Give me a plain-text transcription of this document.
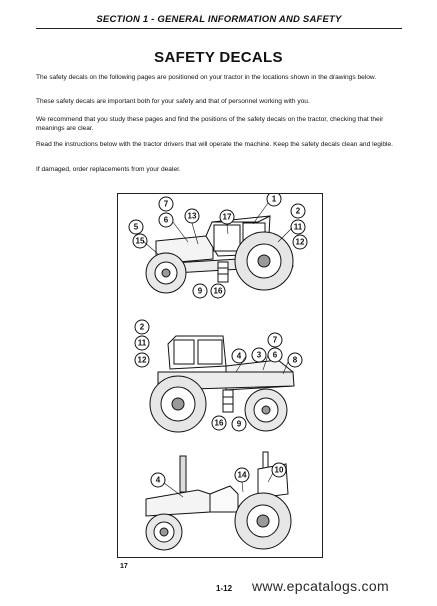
SECTION 1 - GENERAL INFORMATION AND SAFETY
SAFETY DECALS

The safety decals on the following pages are positioned on your tractor in the locations shown in the drawings below.

These safety decals are important both for your safety and that of personnel working with you.

We recommend that you study these pages and find the positions of the safety decals on the tractor, checking that their meanings are clear.

Read the instructions below with the tractor drivers that will operate the machine. Keep the safety decals clean and legible.

If damaged, order replacements from your dealer.

7
6
5
15
13	17
1
2
11
12
9 16
2
11
12	4 3
7
6
8
16 9
4
14
10
17
1-12 www.epcatalogs.com
